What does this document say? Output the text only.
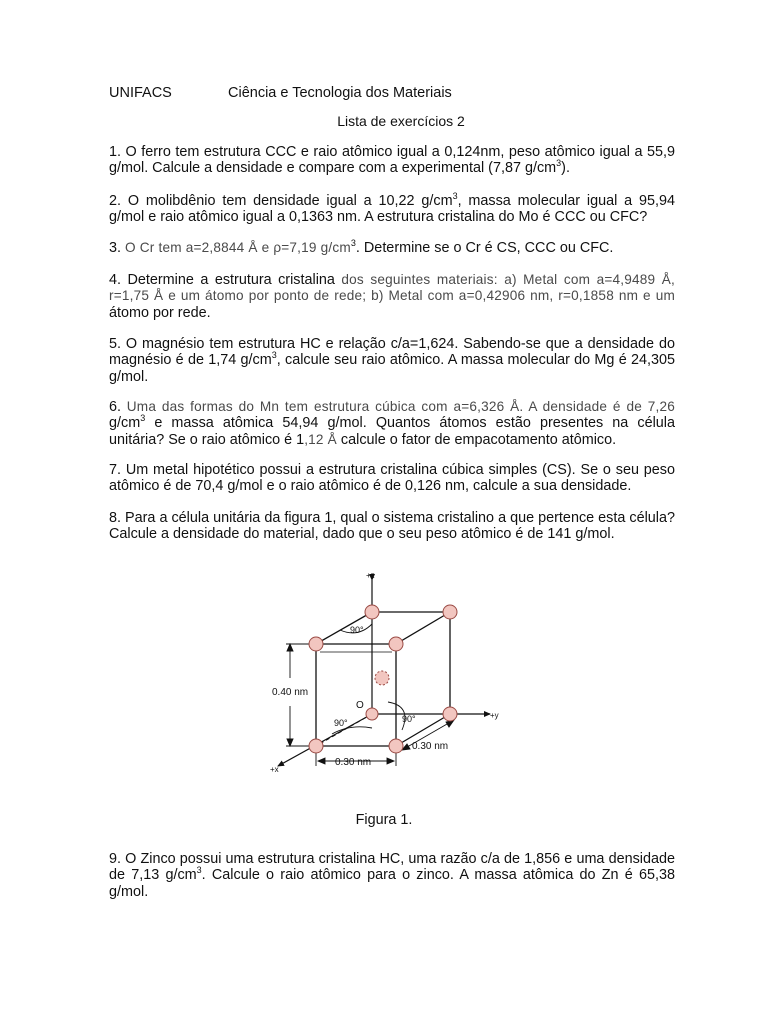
UNIFACS	Ciência e Tecnologia dos Materiais
Lista de exercícios 2
1. O ferro tem estrutura CCC e raio atômico igual a 0,124nm, peso atômico igual a 55,9 g/mol. Calcule a densidade e compare com a experimental (7,87 $g/cm^3$).
2. O molibdênio tem densidade igual a 10,22 $g/cm^3$, massa molecular igual a 95,94 g/mol e raio atômico igual a 0,1363 nm. A estrutura cristalina do Mo é CCC ou CFC?
3. O Cr tem a=2,8844 Å e ρ=7,19 $g/cm^3$. Determine se o Cr é CS, CCC ou CFC.
4. Determine a estrutura cristalina dos seguintes materiais: a) Metal com a=4,9489 Å, r=1,75 Å e um átomo por ponto de rede; b) Metal com a=0,42906 nm, r=0,1858 nm e um átomo por rede.
5. O magnésio tem estrutura HC e relação c/a=1,624. Sabendo-se que a densidade do magnésio é de 1,74 $g/cm^3$, calcule seu raio atômico. A massa molecular do Mg é 24,305 g/mol.
6. Uma das formas do Mn tem estrutura cúbica com a=6,326 Å. A densidade é de 7,26 $g/cm^3$ e massa atômica 54,94 g/mol. Quantos átomos estão presentes na célula unitária? Se o raio atômico é 1,12 Å calcule o fator de empacotamento atômico.
7. Um metal hipotético possui a estrutura cristalina cúbica simples (CS). Se o seu peso atômico é de 70,4 g/mol e o raio atômico é de 0,126 nm, calcule a sua densidade.
8. Para a célula unitária da figura 1, qual o sistema cristalino a que pertence esta célula? Calcule a densidade do material, dado que o seu peso atômico é de 141 g/mol.
0.40 nm
0.30 nm
0.30 nm
90°
90°	90°
+z
+y
+x
O
Figura 1.
9. O Zinco possui uma estrutura cristalina HC, uma razão c/a de 1,856 e uma densidade de 7,13 $g/cm^3$. Calcule o raio atômico para o zinco. A massa atômica do Zn é 65,38 g/mol.
